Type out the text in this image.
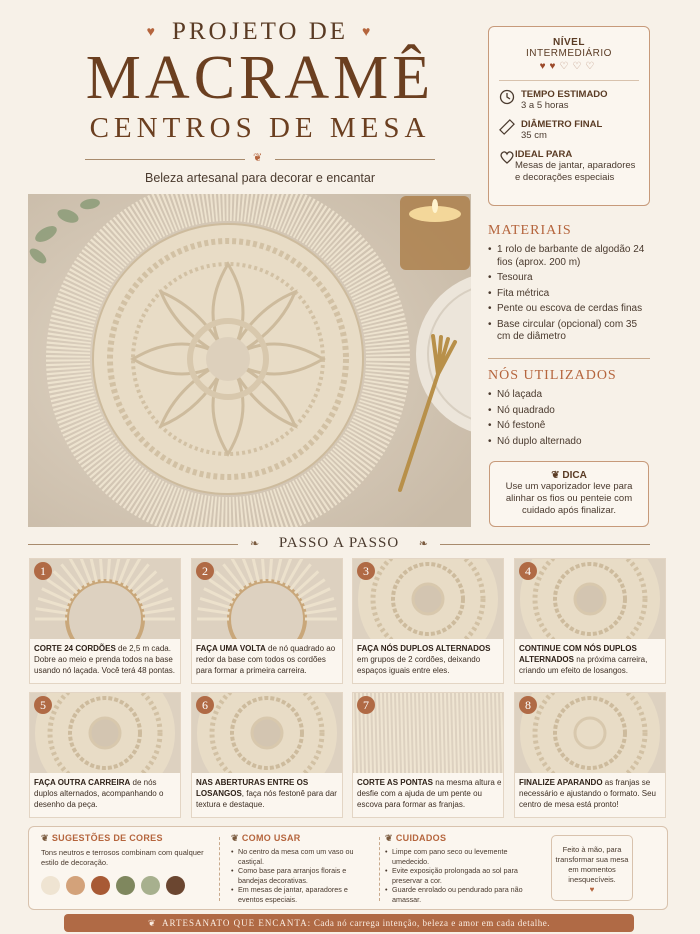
♥ PROJETO DE ♥
MACRAMÊ
CENTROS DE MESA
❦
Beleza artesanal para decorar e encantar
NÍVEL
INTERMEDIÁRIO
♥♥♡♡♡
TEMPO ESTIMADO
3 a 5 horas
DIÂMETRO FINAL
35 cm
IDEAL PARA
Mesas de jantar, aparadores e decorações especiais
MATERIAIS
• 1 rolo de barbante de algodão 24 fios (aprox. 200 m)
• Tesoura
• Fita métrica
• Pente ou escova de cerdas finas
• Base circular (opcional) com 35 cm de diâmetro
NÓS UTILIZADOS
• Nó laçada
• Nó quadrado
• Nó festonê
• Nó duplo alternado
❦ DICA
Use um vaporizador leve para alinhar os fios ou penteie com cuidado após finalizar.
❧	PASSO A PASSO	❧
1
CORTE 24 CORDÕES de 2,5 m cada. Dobre ao meio e prenda todos na base usando nó laçada. Você terá 48 pontas.
2
FAÇA UMA VOLTA de nó quadrado ao redor da base com todos os cordões para formar a primeira carreira.
3
FAÇA NÓS DUPLOS ALTERNADOS em grupos de 2 cordões, deixando espaços iguais entre eles.
4
CONTINUE COM NÓS DUPLOS ALTERNADOS na próxima carreira, criando um efeito de losangos.
5
FAÇA OUTRA CARREIRA de nós duplos alternados, acompanhando o desenho da peça.
6
NAS ABERTURAS ENTRE OS LOSANGOS, faça nós festonê para dar textura e destaque.
7
CORTE AS PONTAS na mesma altura e desfie com a ajuda de um pente ou escova para formar as franjas.
8
FINALIZE APARANDO as franjas se necessário e ajustando o formato. Seu centro de mesa está pronto!
❦ SUGESTÕES DE CORES
Tons neutros e terrosos combinam com qualquer estilo de decoração.
❦ COMO USAR
• No centro da mesa com um vaso ou castiçal.
• Como base para arranjos florais e bandejas decorativas.
• Em mesas de jantar, aparadores e eventos especiais.
❦ CUIDADOS
• Limpe com pano seco ou levemente umedecido.
• Evite exposição prolongada ao sol para preservar a cor.
• Guarde enrolado ou pendurado para não amassar.
Feito à mão, para transformar sua mesa em momentos inesquecíveis.
♥
❦ ARTESANATO QUE ENCANTA: Cada nó carrega intenção, beleza e amor em cada detalhe.
